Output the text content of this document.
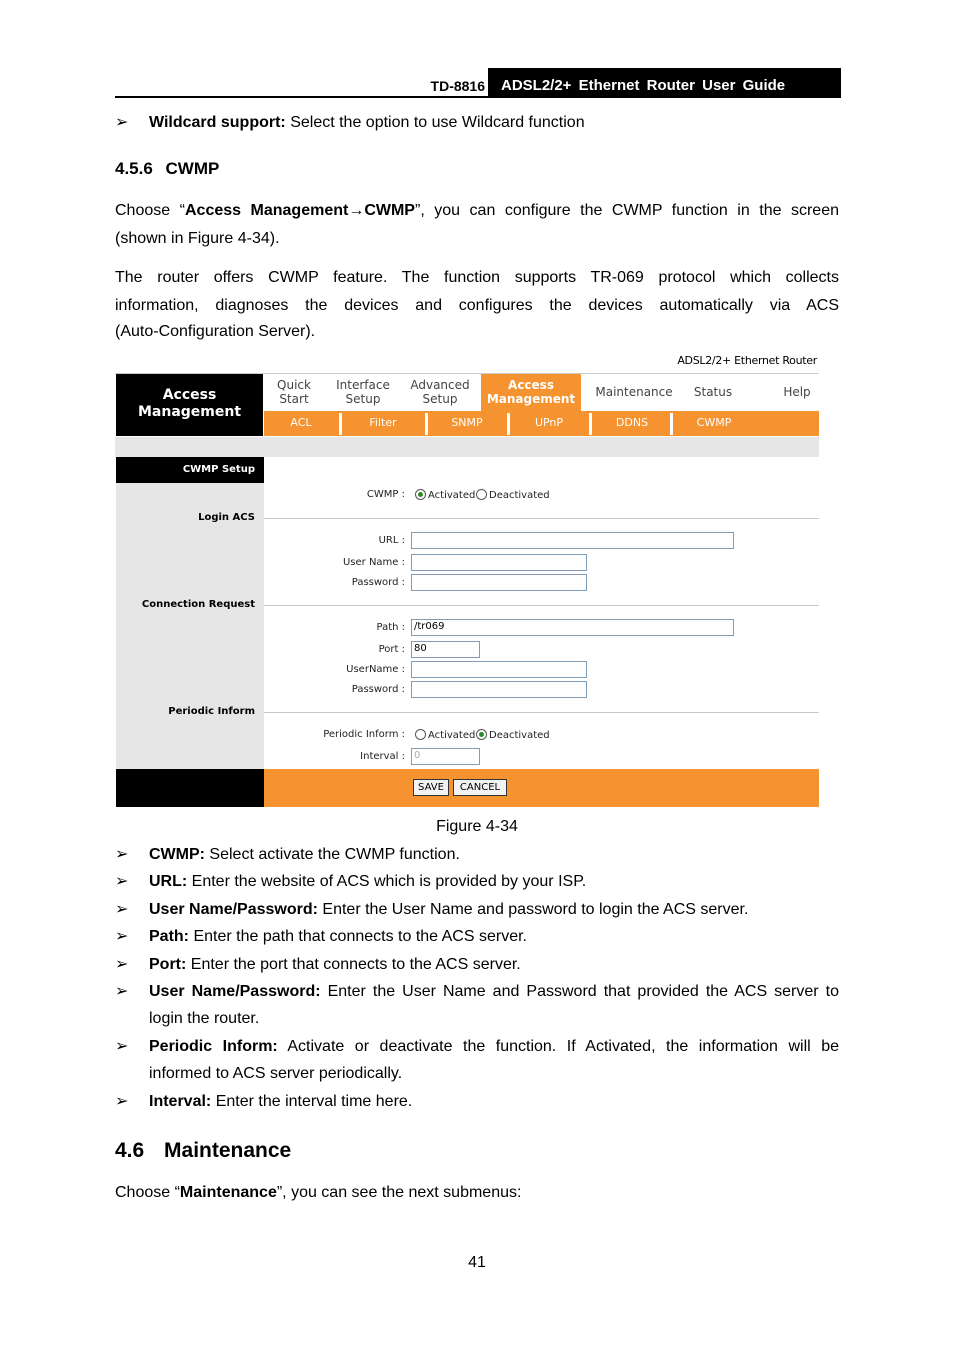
TD-8816	ADSL2/2+ Ethernet Router User Guide
➢ Wildcard support: Select the option to use Wildcard function
4.5.6 CWMP
Choose “Access Management→CWMP”, you can configure the CWMP function in the screen
(shown in Figure 4-34).
The router offers CWMP feature. The function supports TR-069 protocol which collects
information, diagnoses the devices and configures the devices automatically via ACS
(Auto-Configuration Server).
ADSL2/2+ Ethernet Router
Access
Management
Quick
Start
Interface
Setup
Advanced
Setup
Access
Management	Maintenance	Status	Help
ACL	Filter	SNMP	UPnP	DDNS	CWMP
CWMP Setup
CWMP :	Activated	Deactivated
Login ACS
URL :
User Name :
Password :
Connection Request
Path : /tr069
Port : 80
UserName :
Password :
Periodic Inform
Periodic Inform :	Activated	Deactivated
Interval : 0
SAVE	CANCEL
Figure 4-34
➢ CWMP: Select activate the CWMP function.
➢ URL: Enter the website of ACS which is provided by your ISP.
➢ User Name/Password: Enter the User Name and password to login the ACS server.
➢ Path: Enter the path that connects to the ACS server.
➢ Port: Enter the port that connects to the ACS server.
➢ User Name/Password: Enter the User Name and Password that provided the ACS server to
login the router.
➢ Periodic Inform: Activate or deactivate the function. If Activated, the information will be
informed to ACS server periodically.
➢ Interval: Enter the interval time here.
4.6 Maintenance
Choose “Maintenance”, you can see the next submenus:
41
